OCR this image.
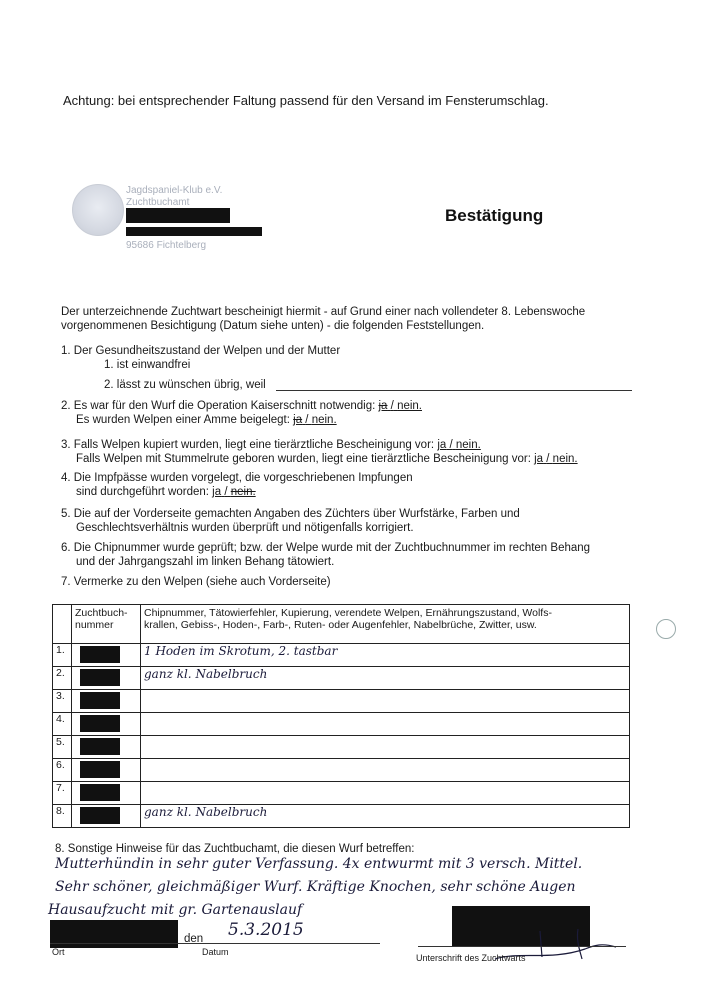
Achtung: bei entsprechender Faltung passend für den Versand im Fensterumschlag.
Jagdspaniel-Klub e.V.
Zuchtbuchamt
95686 Fichtelberg
Bestätigung
Der unterzeichnende Zuchtwart bescheinigt hiermit - auf Grund einer nach vollendeter 8. Lebenswoche vorgenommenen Besichtigung (Datum siehe unten) - die folgenden Feststellungen.
1. Der Gesundheitszustand der Welpen und der Mutter
1. ist einwandfrei
2. lässt zu wünschen übrig, weil
2. Es war für den Wurf die Operation Kaiserschnitt notwendig: ja / nein.
Es wurden Welpen einer Amme beigelegt: ja / nein.
3. Falls Welpen kupiert wurden, liegt eine tierärztliche Bescheinigung vor: ja / nein.
Falls Welpen mit Stummelrute geboren wurden, liegt eine tierärztliche Bescheinigung vor: ja / nein.
4. Die Impfpässe wurden vorgelegt, die vorgeschriebenen Impfungen
sind durchgeführt worden: ja / nein.
5. Die auf der Vorderseite gemachten Angaben des Züchters über Wurfstärke, Farben und
Geschlechtsverhältnis wurden überprüft und nötigenfalls korrigiert.
6. Die Chipnummer wurde geprüft; bzw. der Welpe wurde mit der Zuchtbuchnummer im rechten Behang
und der Jahrgangszahl im linken Behang tätowiert.
7. Vermerke zu den Welpen (siehe auch Vorderseite)
	Zuchtbuch-
nummer	Chipnummer, Tätowierfehler, Kupierung, verendete Welpen, Ernährungszustand, Wolfs-
krallen, Gebiss-, Hoden-, Farb-, Ruten- oder Augenfehler, Nabelbrüche, Zwitter, usw.
1.		1 Hoden im Skrotum, 2. tastbar
2.		ganz kl. Nabelbruch
3.	

4.	

5.	

6.	

7.	

8.		ganz kl. Nabelbruch
8. Sonstige Hinweise für das Zuchtbuchamt, die diesen Wurf betreffen:
Mutterhündin in sehr guter Verfassung. 4x entwurmt mit 3 versch. Mittel.
Sehr schöner, gleichmäßiger Wurf. Kräftige Knochen, sehr schöne Augen
Hausaufzucht mit gr. Gartenauslauf
den 5.3.2015
Ort	Datum
Unterschrift des Zuchtwarts
